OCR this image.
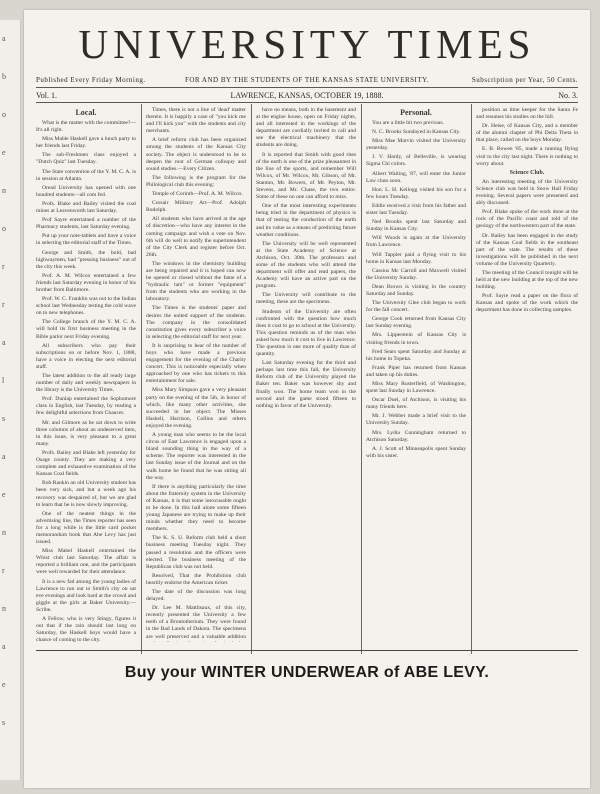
a
b
o
e
n
o
r
r
a
l
s
a
e
n
r
n
a
e
s
UNIVERSITY TIMES
Published Every Friday Morning.	FOR AND BY THE STUDENTS OF THE KANSAS STATE UNIVERSITY.	Subscription per Year, 50 Cents.
Vol. 1.	LAWRENCE, KANSAS, OCTOBER 19, 1888.	No. 3.
Local.

What is the matter with the committee?—It's all right.

Miss Mable Haskell gave a lunch party to her friends last Friday.

The sub-Freshmen class enjoyed a "Dutch Quiz" last Tuesday.

The State convention of the Y. M. C. A. is in session at Atlanta.

Oread University has opened with one hundred students—all com fed.

Profs. Blake and Bailey visited the coal mines at Leavenworth last Saturday.

Prof Sayre entertained a number of the Pharmacy students, last Saturday evening.

Put up your note-tablets and have a voice in selecting the editorial staff of the Times.

George and Smith, the bold, bad highwaymen, had "pressing business" out of the city this week.

Prof. A. M. Wilcox entertained a few friends last Saturday evening in honor of his brother from Baltimore.

Prof. W. C. Franklin was out to the Indian school last Wednesday testing the cold wave on to new telephones.

The College branch of the Y. M. C. A. will hold its first business meeting in the Bible parlor next Friday evening.

All subscribers who pay their subscriptions on or before Nov. 1, 1888, have a voice in electing the next editorial staff.

The latest addition to the all ready large number of daily and weekly newspapers in the library is the University Times.

Prof. Dunlap entertained the Sophomore class in English, last Tuesday, by reading a few delightful selections from Chaucer.

Mr. and Gilmore as he sat down to write three columns of about an undeserved item, in this issue, is very pleasant to a great many.

Profs. Bailey and Blake left yesterday for Osage county. They are making a very complete and exhaustive examination of the Kansas Coal fields.

Bob Rankin an old University student has been very sick, and but a week ago his recovery was despaired of, but we are glad to learn that he is now slowly improving.

One of the neatest things in the advertising line, the Times reporter has seen for a long while is the little card pocket memorandum book that Abe Levy has just issued.

Miss Mabel Haskell entertained the Whist club last Saturday. The affair is reported a brilliant one, and the participants were well rewarded for their attendance.

It is a new fad among the young ladies of Lawrence to run out to Smith's city on sat eve evenings and look hard at the crowd and giggle at the girls at Baker University.—Scribe.

A Fellow, who is very Stingy, figures it out that if the rain should last long on Saturday, the Haskell boys would have a chance of coming to the city.

Times, there is not a line of 'dead' matter therein. It is happily a case of "you kick me and I'll kick you" with the students and city merchants.

A brief reform club has been organized among the students of the Kansas City society. The object is understood to be to deepen the root of German colloquy and sound studies.—Every Citizen.

The following is the program for the Philological club this evening:

Temple of Corinth—Prof. A. M. Wilcox.

Corsair Military Art—Prof. Adolph Rudolph.

All students who have arrived at the age of discretion—who have any interest in the coming campaign and wish a vote on Nov. 6th will do well to notify the superintendent of the City Clerk and register before Oct. 26th.

The windows in the chemistry building are being repaired and it is hoped can now be opened or closed without the fame of a "hydraulic ram" or former "equipment" from the students who are working in the laboratory.

The Times is the students' paper and desires the united support of the students. The company in the consolidated constitution gives every subscriber a voice in selecting the editorial staff for next year.

It is surprising to hear of the number of boys who have made a previous engagement for the evening of the Charity concert. This is noticeable especially when approached by one who has tickets to this entertainment for sale.

Miss Mary Simpson gave a very pleasant party on the evening of the 5th, in honor of which, like many other activities, she succeeded in her object. The Misses Haskell, Harrison, Collins and others enjoyed the evening.

A young man who seems to be the local circus of East Lawrence is engaged upon a bland sounding thing in the way of a scheme. The reporter was interested in the last Sunday issue of the Journal and on the walk home he found that he was sitting all the way.

If there is anything particularly the time about the fraternity system in the University of Kansas, it is that some inexcusable ought to be done. In this hall alone some fifteen young Japanese are trying to make up their minds whether they need to become members.

The K. S. U. Reform club held a short business meeting Tuesday night. They passed a resolution and the officers were elected. The business meeting of the Republican club was not held.

Resolved, That the Prohibition club heartily endorse the American ticket.

The date of the discussion was long delayed.

Dr. Lee M. Mattlisaux, of this city, recently presented the University a few teeth of a Brontotherium. They were found in the Bad Lands of Dakota. The specimens are well preserved and a valuable addition

have no means, both in the basement and at the engine house, open on Friday nights, and all interested in the workings of the department are cordially invited to call and see the electrical machinery that the students are doing.

It is reported that Smith with good rites of the earth is one of the prize pleasantest in the line of the sports, and remember Will Wilcox, of Mr. Wilcox, Mr. Gibson, of Mr. Stanton, Mr. Bowers, of Mr. Peyton, Mr. Stevens, and Mr. Chase, the two entire. Some of these no one can afford to miss.

One of the most interesting experiments being tried in the department of physics is that of testing the conduction of the earth and its value as a means of predicting future weather conditions.

The University will be well represented at the State Academy of Science at Atchison, Oct. 30th. The professors and some of the students who will attend the department will offer and read papers, the Academy will have an active part on the program.

The University will contribute to the meeting, these are the specimens.

Students of the University are often confronted with the question how much does it cost to go to school at the University. This question reminds us of the man who asked how much it cost to live in Lawrence. The question is one more of quality than of quantity.

Last Saturday evening for the third and perhaps last time this fall, the University Reform club of the University played the Baker ten. Baker was however shy and finally won. The home team won in the second and the game stood fifteen to nothing in favor of the University.

Personal.

You are a little bit two previous.

N. C. Brooks Sundayed in Kansas City.

Miss Mae Marvin visited the University yesterday.

J. V. Hardy, of Belleville, is wearing Sigma Chi colors.

Albert Waiting, '87, will enter the Junior Law class soon.

Hon. L. H. Kellogg visited his son for a few hours Tuesday.

Eddie received a visit from his father and sister last Tuesday.

Ned Brooks spent last Saturday and Sunday in Kansas City.

Will Woods is again at the University from Lawrence.

Will Tappler paid a flying visit to his home in Kansas last Monday.

Cassius Mc Carroll and Maxwell visited the University Sunday.

Dean Brown is visiting in the country Saturday and Sunday.

The University Glee club began to work for the fall concert.

George Cook returned from Kansas City last Sunday evening.

Mrs. Lipperstein of Kansas City is visiting friends in town.

Fred Sears spent Saturday and Sunday at his home in Topeka.

Frank Piper has returned from Kansas and taken up his duties.

Miss Mary Rusterfield, of Washington, spent last Sunday in Lawrence.

Oscar Duel, of Atchison, is visiting his many friends here.

Mr. J. Webber made a brief visit to the University Sunday.

Mrs. Lydia Cunningham returned to Atchison Saturday.

A. J. Scott of Minneapolis spent Sunday with his sister.

position as time keeper for the Santa Fe and resumes his studies on the hill.

Dr. Heise, of Kansas City, and a member of the alumni chapter of Phi Delta Theta in that place, called on the boys Monday.

E. B. Bowen '85, made a running flying visit to the city last night. There is nothing to worry about.

Science Club.

An interesting meeting of the University Science club was held in Snow Hall Friday evening. Several papers were presented and ably discussed.

Prof. Blake spoke of the work done at the rock of the Pacific coast and told of the geology of the northwestern part of the state.

Dr. Bailey has been engaged in the study of the Kansas Coal fields in the southeast part of the state. The results of these investigations will be published in the next volume of the University Quarterly.

The meeting of the Council tonight will be held at the new building at the top of the new building.

Prof. Sayre read a paper on the flora of Kansas and spoke of the work which the department has done in collecting samples.

Buy your WINTER UNDERWEAR of ABE LEVY.
